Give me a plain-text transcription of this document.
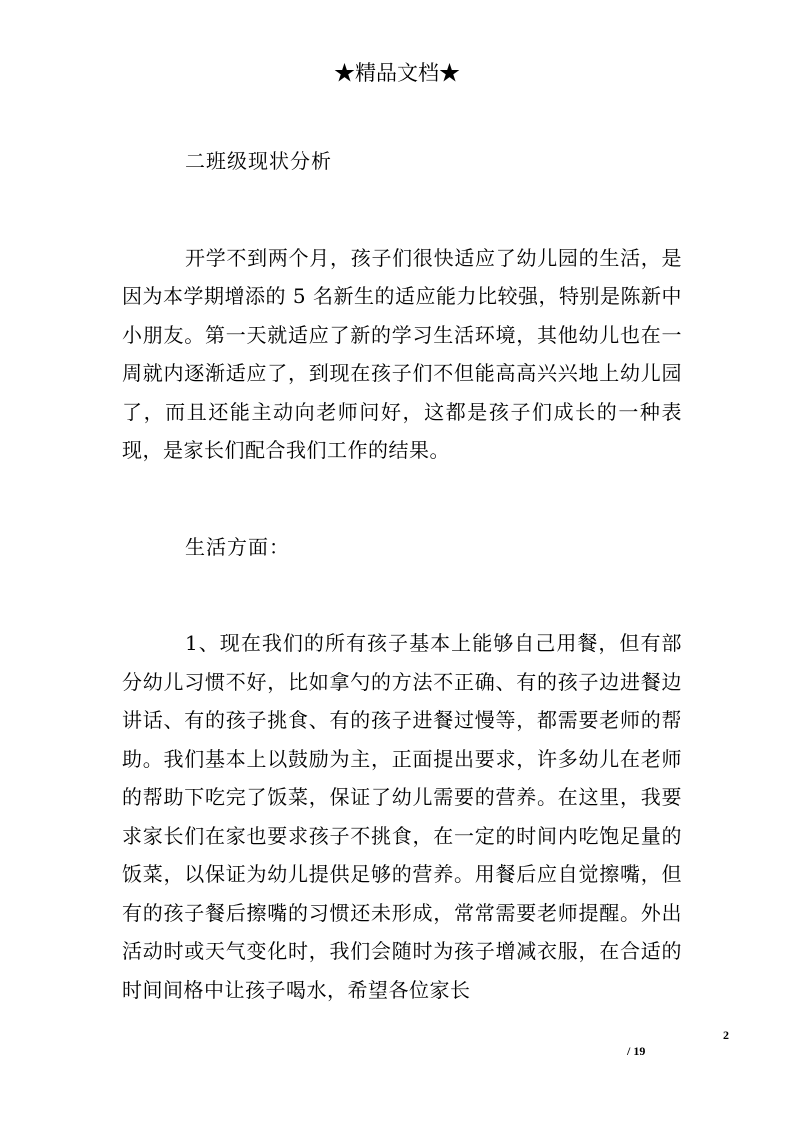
★精品文档★

二班级现状分析

开学不到两个月，孩子们很快适应了幼儿园的生活，是因为本学期增添的 5 名新生的适应能力比较强，特别是陈新中小朋友。第一天就适应了新的学习生活环境，其他幼儿也在一周就内逐渐适应了，到现在孩子们不但能高高兴兴地上幼儿园了，而且还能主动向老师问好，这都是孩子们成长的一种表现，是家长们配合我们工作的结果。

生活方面：

1、现在我们的所有孩子基本上能够自己用餐，但有部分幼儿习惯不好，比如拿勺的方法不正确、有的孩子边进餐边讲话、有的孩子挑食、有的孩子进餐过慢等，都需要老师的帮助。我们基本上以鼓励为主，正面提出要求，许多幼儿在老师的帮助下吃完了饭菜，保证了幼儿需要的营养。在这里，我要求家长们在家也要求孩子不挑食，在一定的时间内吃饱足量的饭菜，以保证为幼儿提供足够的营养。用餐后应自觉擦嘴，但有的孩子餐后擦嘴的习惯还未形成，常常需要老师提醒。外出活动时或天气变化时，我们会随时为孩子增减衣服，在合适的时间间格中让孩子喝水，希望各位家长

2
/ 19
